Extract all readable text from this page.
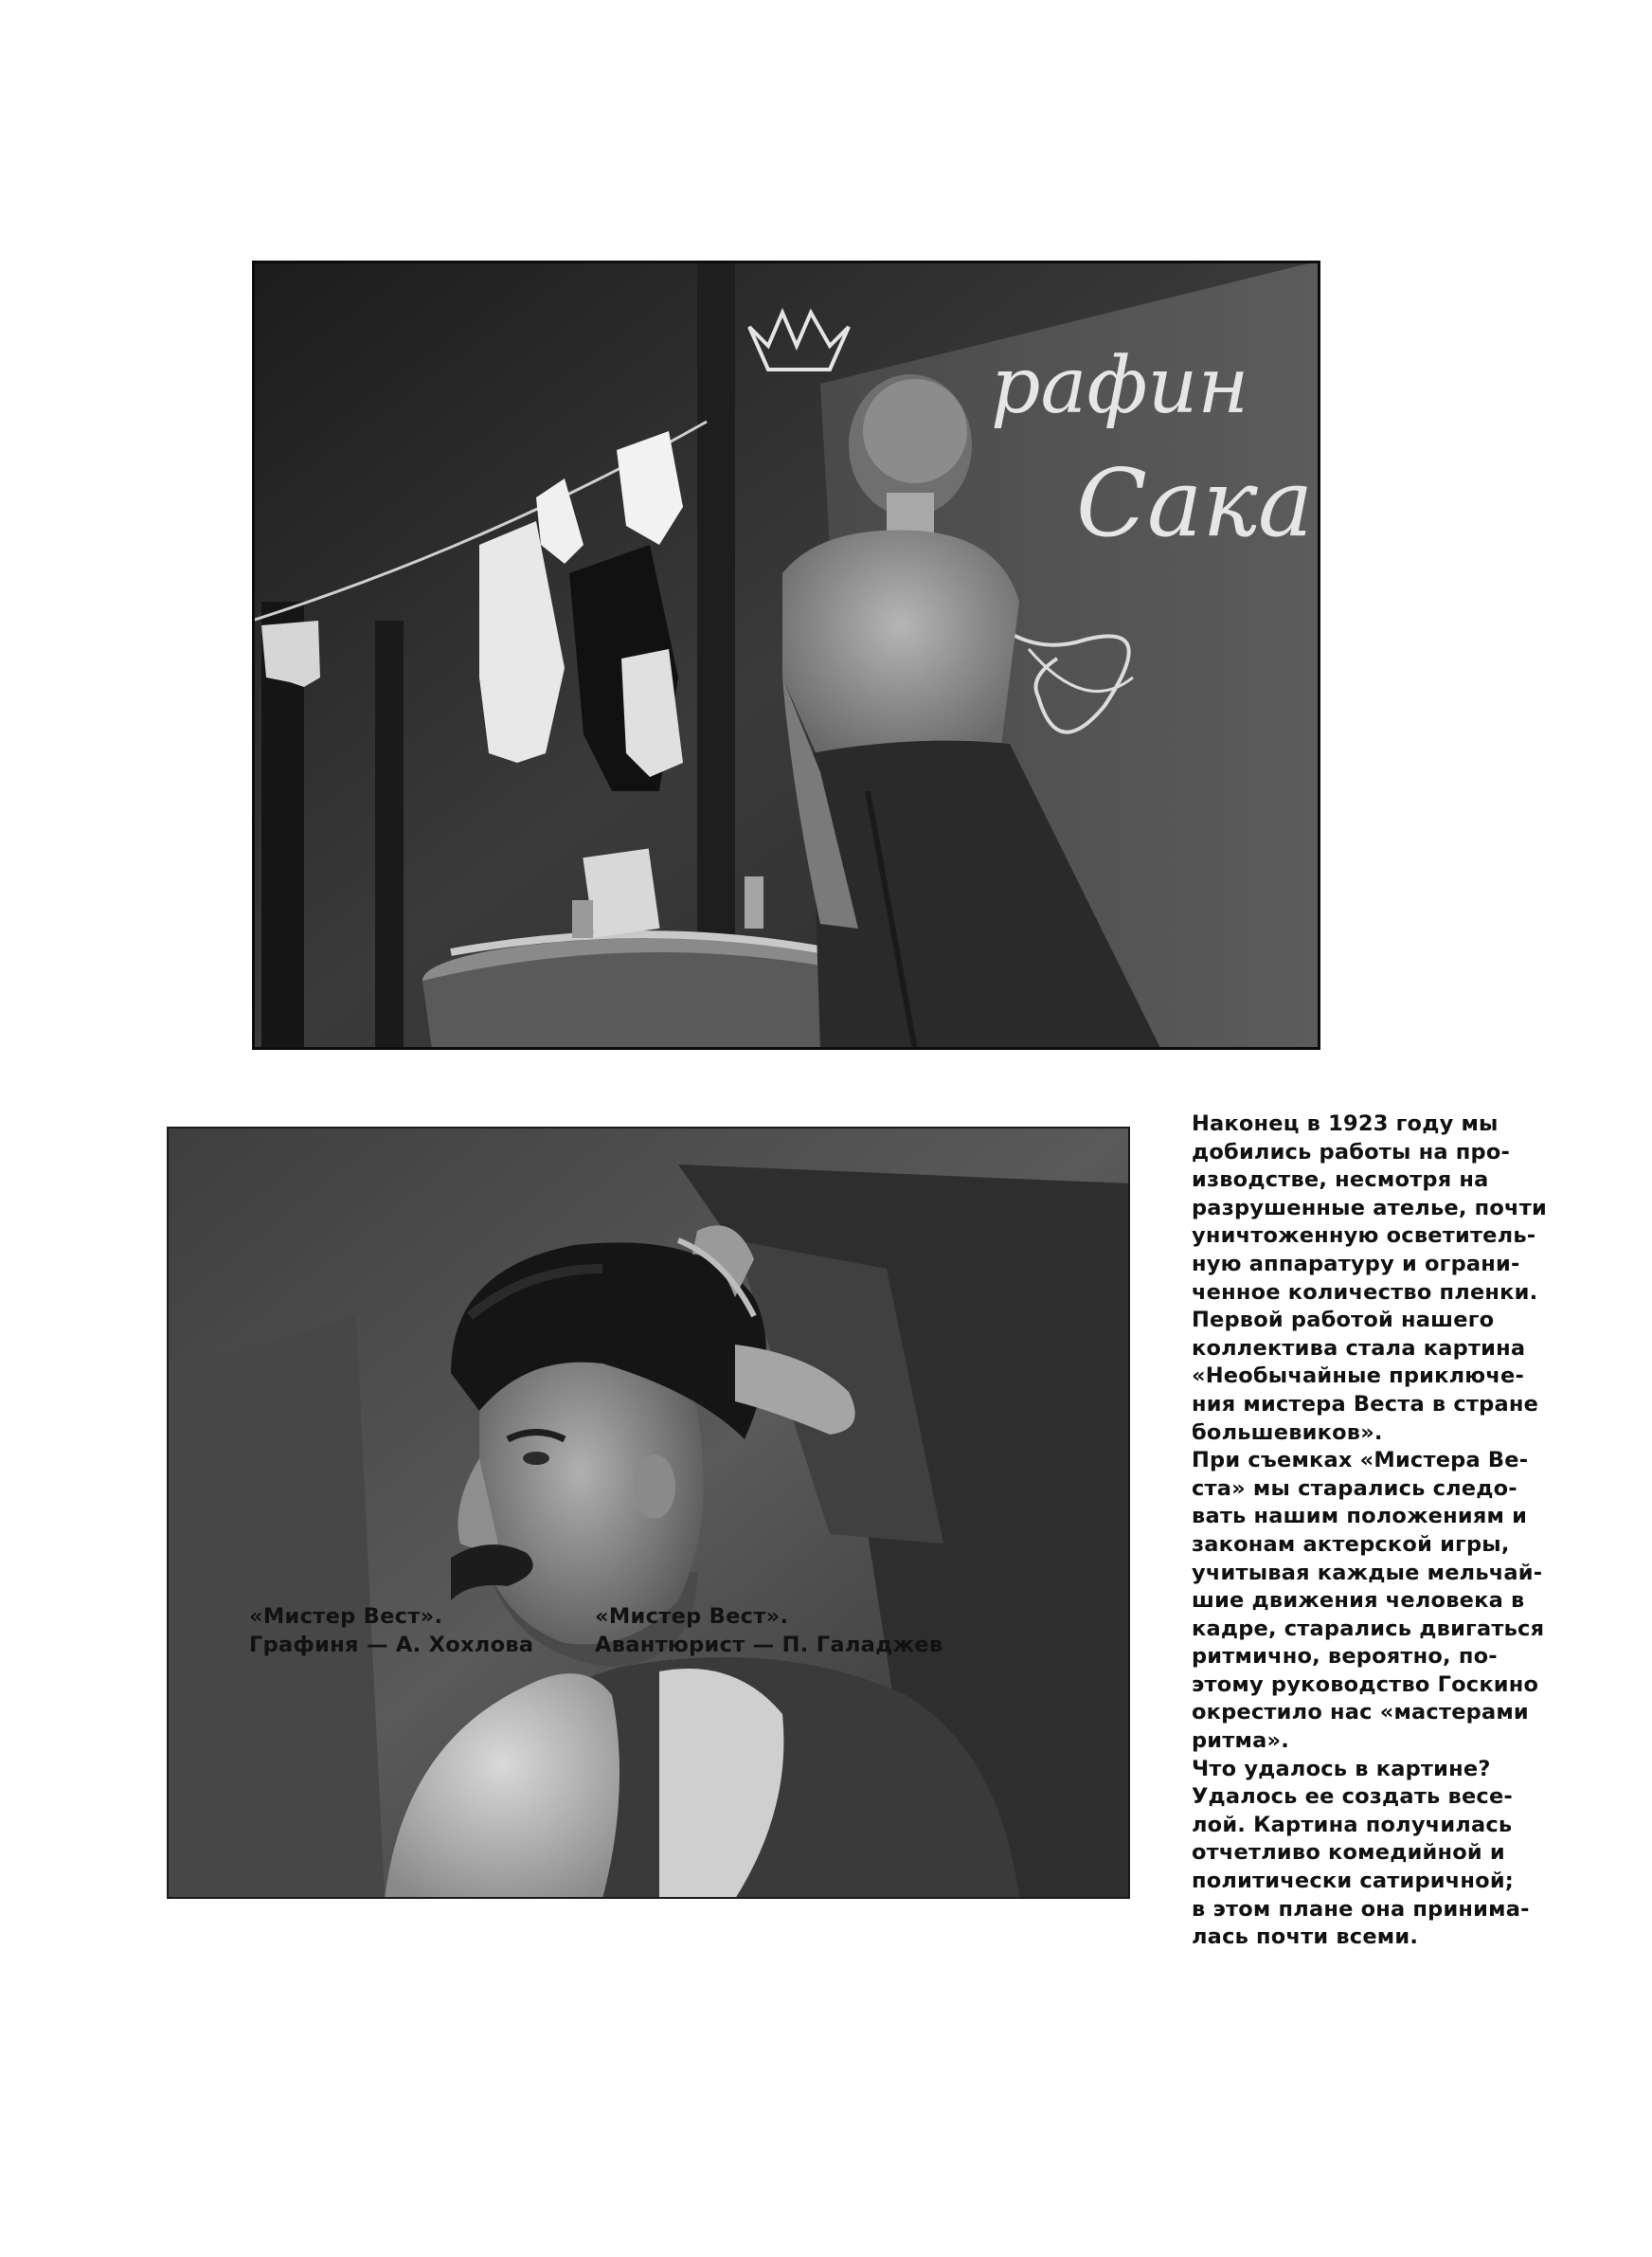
рафин
Сака
Наконец в 1923 году мы
добились работы на про-
изводстве, несмотря на
разрушенные ателье, почти
уничтоженную осветитель-
ную аппаратуру и ограни-
ченное количество пленки.
Первой работой нашего
коллектива стала картина
«Необычайные приключе-
ния мистера Веста в стране
большевиков».
При съемках «Мистера Ве-
ста» мы старались следо-
вать нашим положениям и
законам актерской игры,
учитывая каждые мельчай-
шие движения человека в
кадре, старались двигаться
ритмично, вероятно, по-
этому руководство Госкино
окрестило нас «мастерами
ритма».
Что удалось в картине?
Удалось ее создать весе-
лой. Картина получилась
отчетливо комедийной и
политически сатиричной;
в этом плане она принима-
лась почти всеми.
«Мистер Вест».
Графиня — А. Хохлова
«Мистер Вест».
Авантюрист — П. Галаджев
